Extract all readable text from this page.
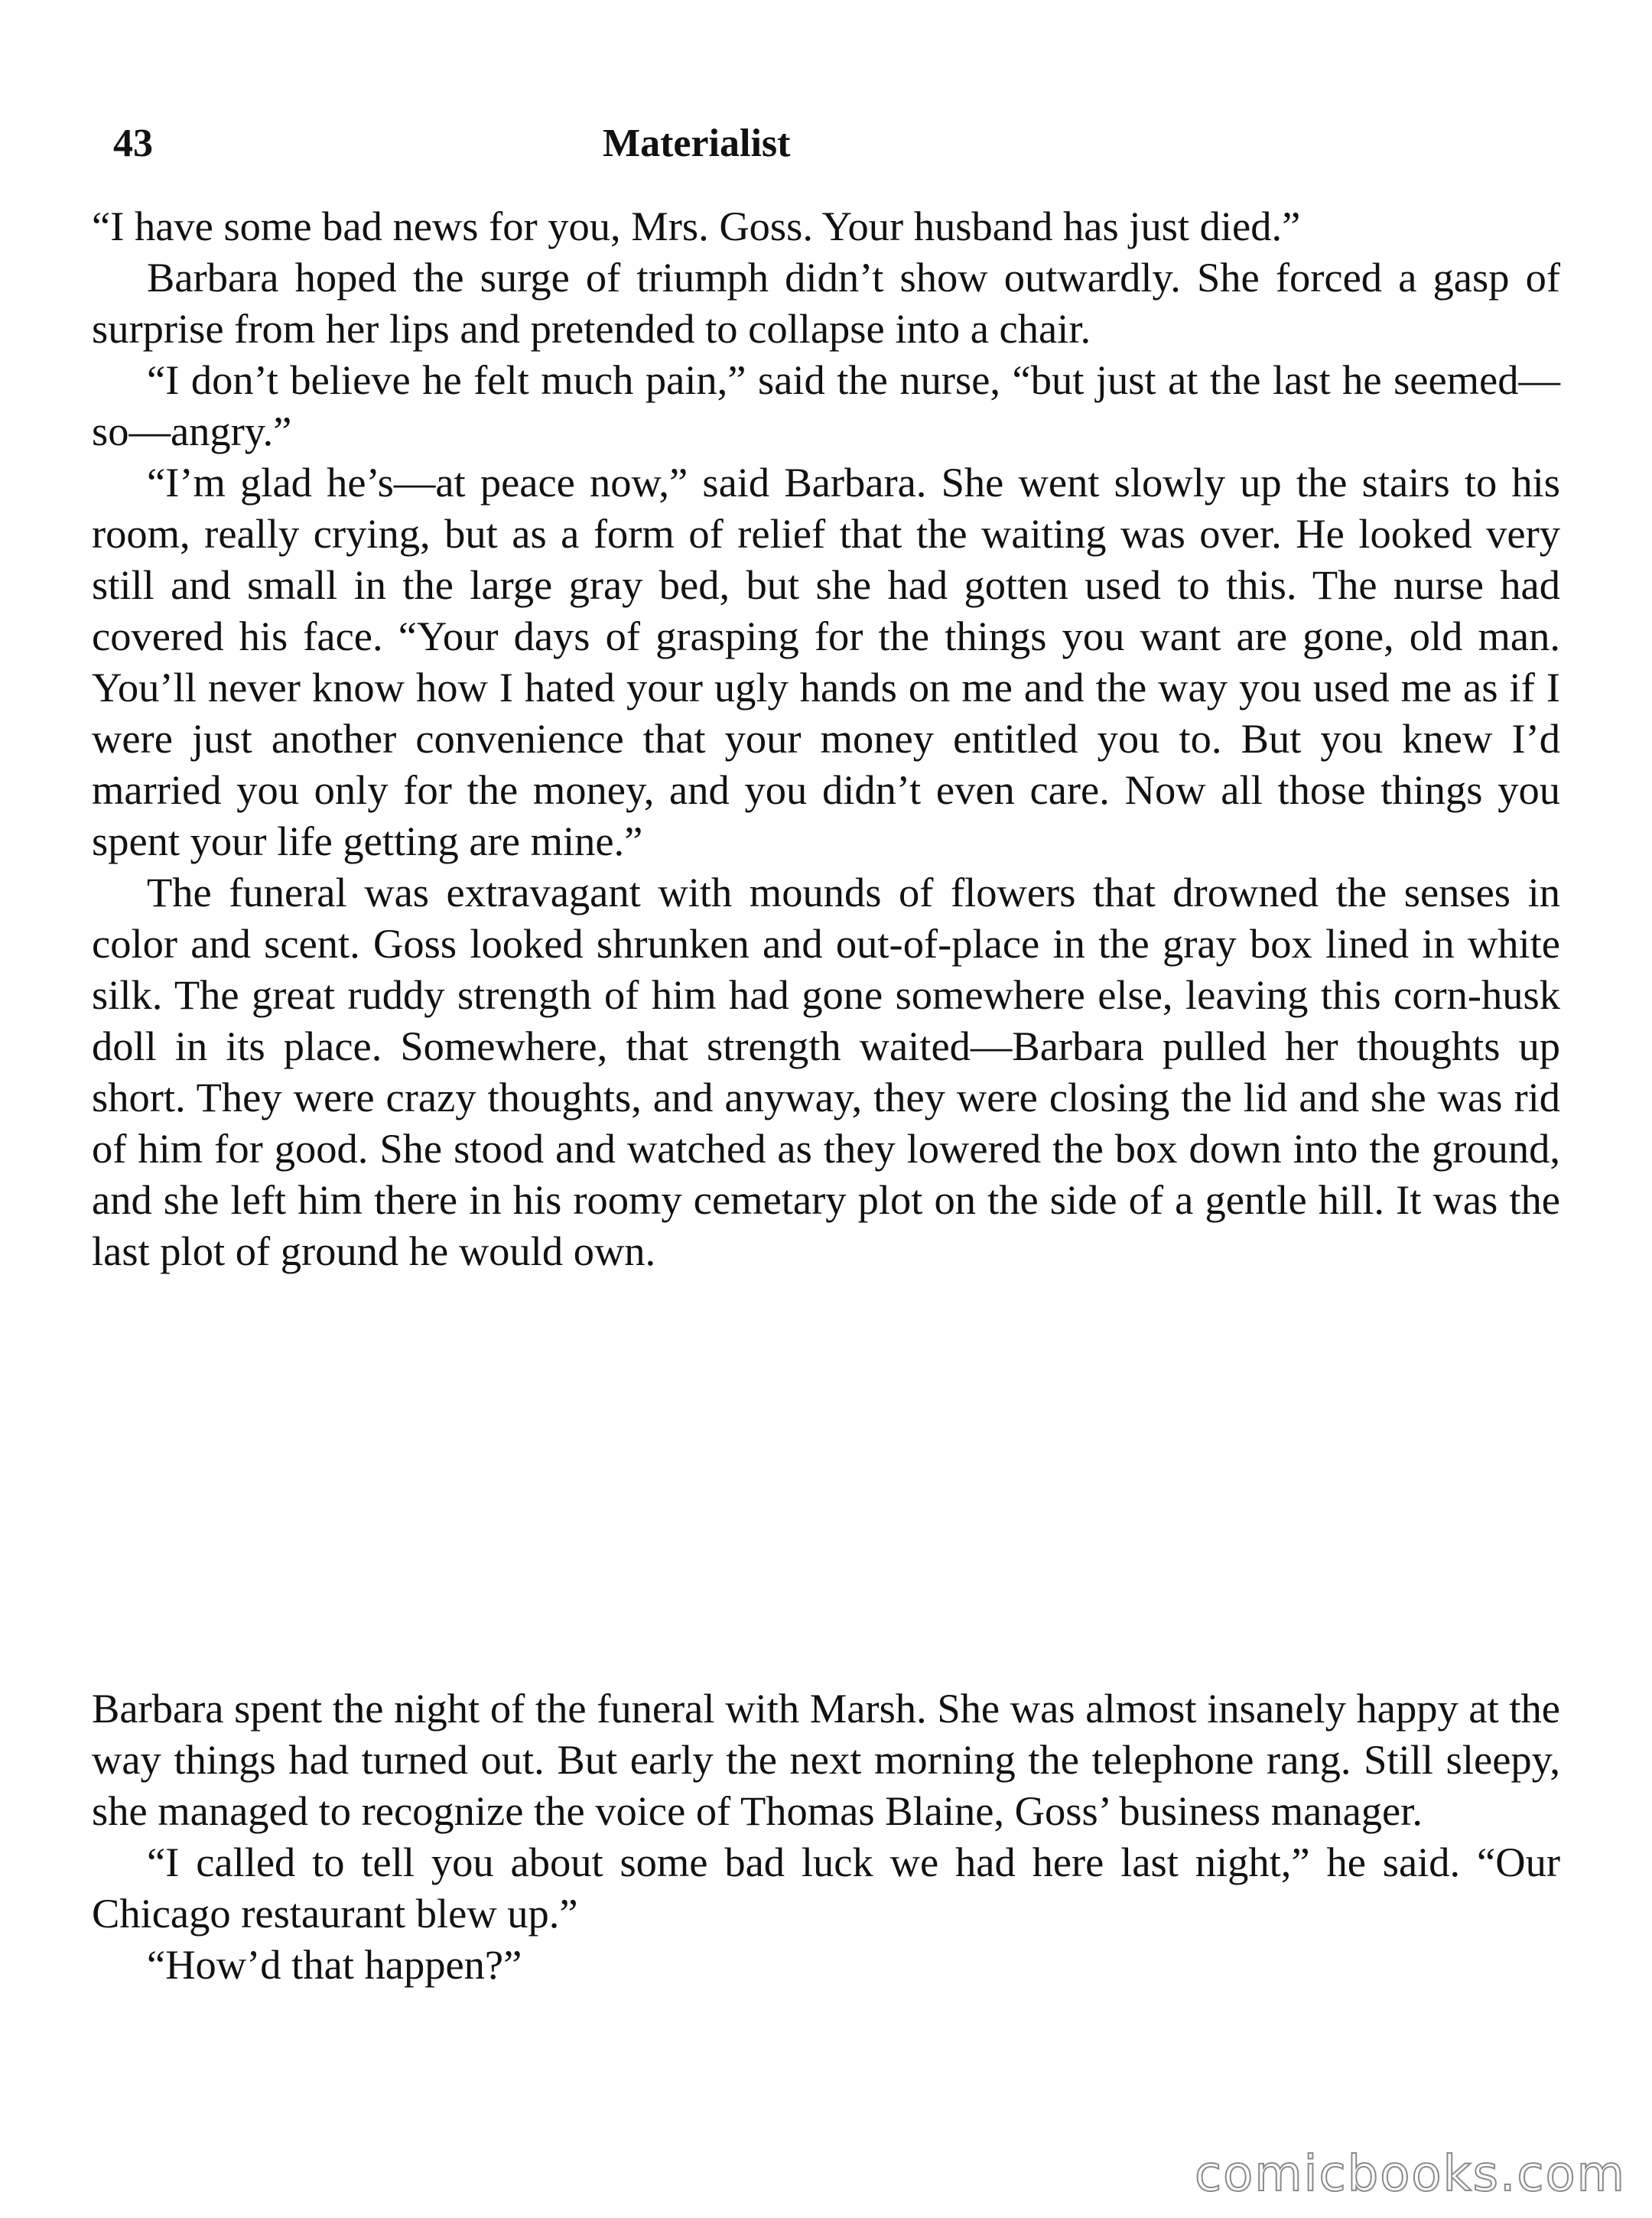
43	Materialist

“I have some bad news for you, Mrs. Goss. Your husband has just died.”

Barbara hoped the surge of triumph didn’t show outwardly. She forced a gasp of surprise from her lips and pretended to collapse into a chair.

“I don’t believe he felt much pain,” said the nurse, “but just at the last he seemed—so—angry.”

“I’m glad he’s—at peace now,” said Barbara. She went slowly up the stairs to his room, really crying, but as a form of relief that the waiting was over. He looked very still and small in the large gray bed, but she had gotten used to this. The nurse had covered his face. “Your days of grasping for the things you want are gone, old man. You’ll never know how I hated your ugly hands on me and the way you used me as if I were just another convenience that your money entitled you to. But you knew I’d married you only for the money, and you didn’t even care. Now all those things you spent your life getting are mine.”

The funeral was extravagant with mounds of flowers that drowned the senses in color and scent. Goss looked shrunken and out-of-place in the gray box lined in white silk. The great ruddy strength of him had gone somewhere else, leaving this corn-husk doll in its place. Somewhere, that strength waited—Barbara pulled her thoughts up short. They were crazy thoughts, and anyway, they were closing the lid and she was rid of him for good. She stood and watched as they lowered the box down into the ground, and she left him there in his roomy cemetary plot on the side of a gentle hill. It was the last plot of ground he would own.

Barbara spent the night of the funeral with Marsh. She was almost insanely happy at the way things had turned out. But early the next morning the telephone rang. Still sleepy, she managed to recognize the voice of Thomas Blaine, Goss’ business manager.

“I called to tell you about some bad luck we had here last night,” he said. “Our Chicago restaurant blew up.”

“How’d that happen?”

comicbooks.com
